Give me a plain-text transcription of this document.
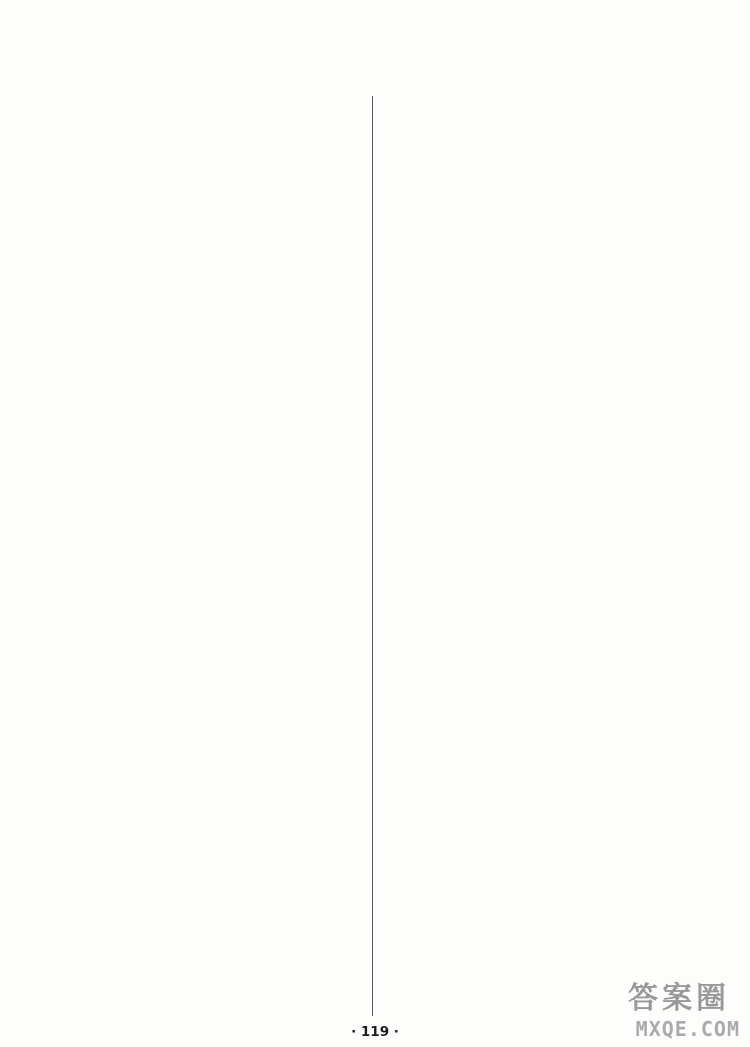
· 119 ·
答案圈
MXQE.COM
